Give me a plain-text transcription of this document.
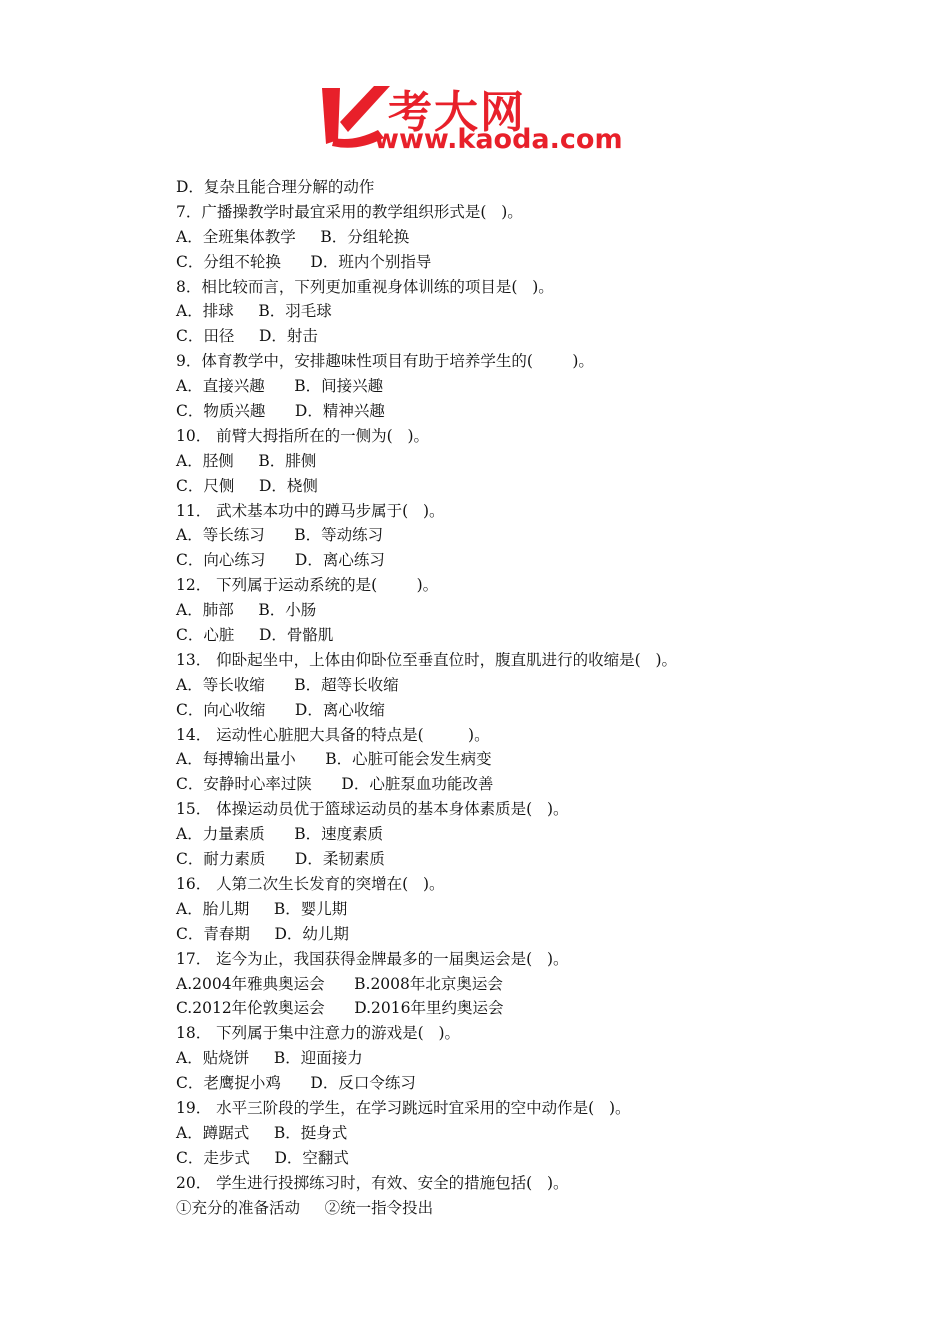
考大网
www.kaoda.com
D．复杂且能合理分解的动作
7．广播操教学时最宜采用的教学组织形式是(   )。
A．全班集体教学     B．分组轮换
C．分组不轮换      D．班内个别指导
8．相比较而言，下列更加重视身体训练的项目是(   )。
A．排球     B．羽毛球
C．田径     D．射击
9．体育教学中，安排趣味性项目有助于培养学生的(        )。
A．直接兴趣      B．间接兴趣
C．物质兴趣      D．精神兴趣
10． 前臂大拇指所在的一侧为(   )。
A．胫侧     B．腓侧
C．尺侧     D．桡侧
11． 武术基本功中的蹲马步属于(   )。
A．等长练习      B．等动练习
C．向心练习      D．离心练习
12． 下列属于运动系统的是(        )。
A．肺部     B．小肠
C．心脏     D．骨骼肌
13． 仰卧起坐中，上体由仰卧位至垂直位时，腹直肌进行的收缩是(   )。
A．等长收缩      B．超等长收缩
C．向心收缩      D．离心收缩
14． 运动性心脏肥大具备的特点是(         )。
A．每搏输出量小      B．心脏可能会发生病变
C．安静时心率过陕      D．心脏泵血功能改善
15． 体操运动员优于篮球运动员的基本身体素质是(   )。
A．力量素质      B．速度素质
C．耐力素质      D．柔韧素质
16． 人第二次生长发育的突增在(   )。
A．胎儿期     B．婴儿期
C．青春期     D．幼儿期
17． 迄今为止，我国获得金牌最多的一届奥运会是(   )。
A.2004年雅典奥运会      B.2008年北京奥运会
C.2012年伦敦奥运会      D.2016年里约奥运会
18． 下列属于集中注意力的游戏是(   )。
A．贴烧饼     B．迎面接力
C．老鹰捉小鸡      D．反口令练习
19． 水平三阶段的学生，在学习跳远时宜采用的空中动作是(   )。
A．蹲踞式     B．挺身式
C．走步式     D．空翻式
20． 学生进行投掷练习时，有效、安全的措施包括(   )。
①充分的准备活动     ②统一指令投出
